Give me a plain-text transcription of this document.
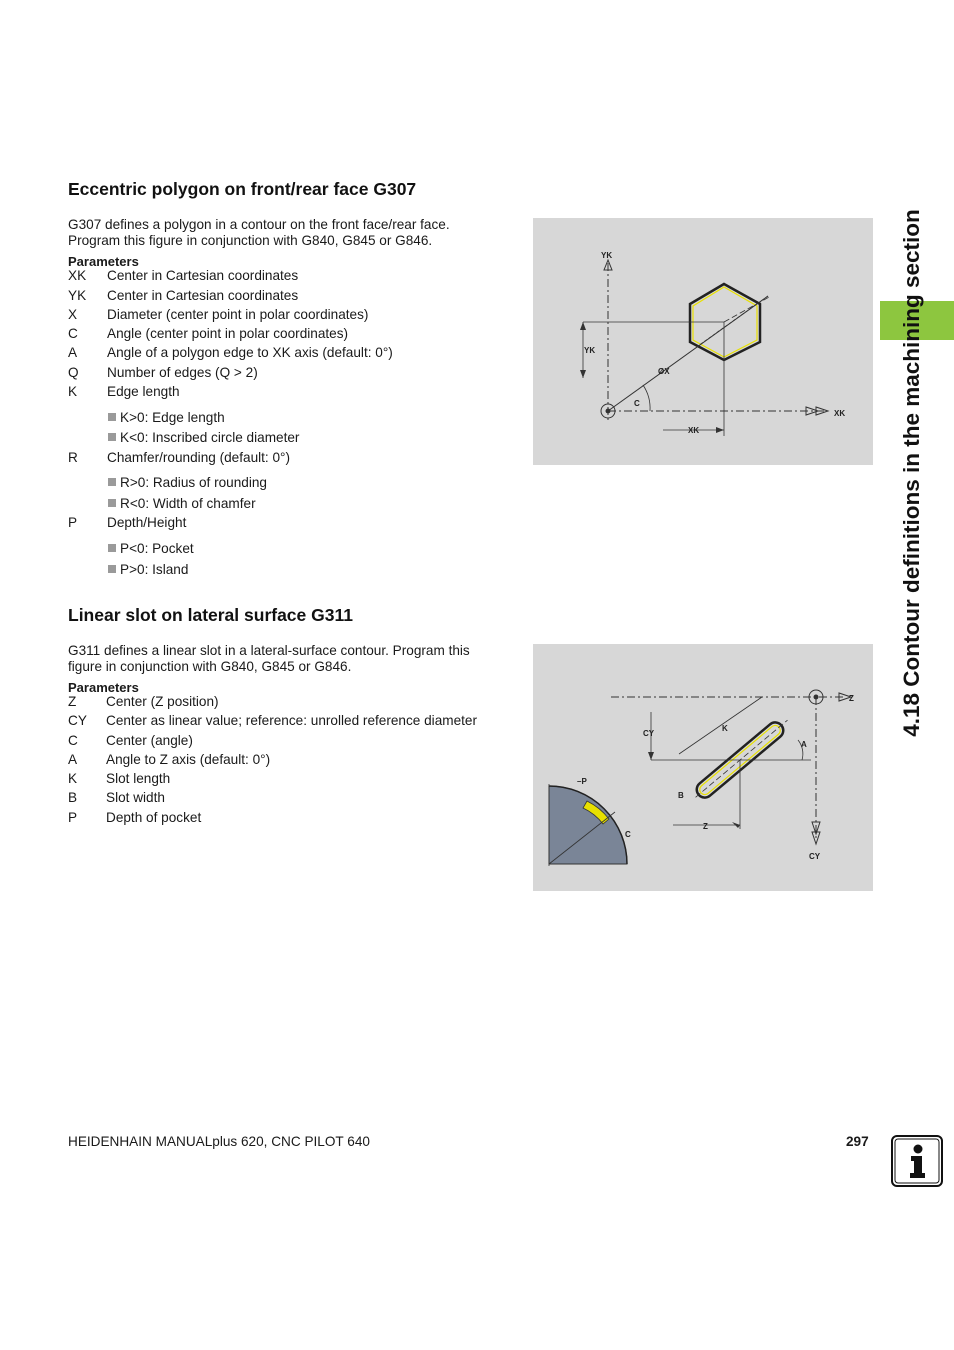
Eccentric polygon on front/rear face G307

G307 defines a polygon in a contour on the front face/rear face.
Program this figure in conjunction with G840, G845 or G846.

Parameters
XK Center in Cartesian coordinates
YK Center in Cartesian coordinates
X Diameter (center point in polar coordinates)
C Angle (center point in polar coordinates)
A Angle of a polygon edge to XK axis (default: 0°)
Q Number of edges (Q > 2)
K Edge length
K>0: Edge length
K<0: Inscribed circle diameter
R Chamfer/rounding (default: 0°)
R>0: Radius of rounding
R<0: Width of chamfer
P Depth/Height
P<0: Pocket
P>0: Island
YK
XK
YK
XK
ØX
C
Linear slot on lateral surface G311

G311 defines a linear slot in a lateral-surface contour. Program this
figure in conjunction with G840, G845 or G846.

Parameters
Z Center (Z position)
CY Center as linear value; reference: unrolled reference diameter
C Center (angle)
A Angle to Z axis (default: 0°)
K Slot length
B Slot width
P Depth of pocket
Z
CY
CY
K
A
B
Z
–P
C
4.18 Contour definitions in the machining section
HEIDENHAIN MANUALplus 620, CNC PILOT 640	297
